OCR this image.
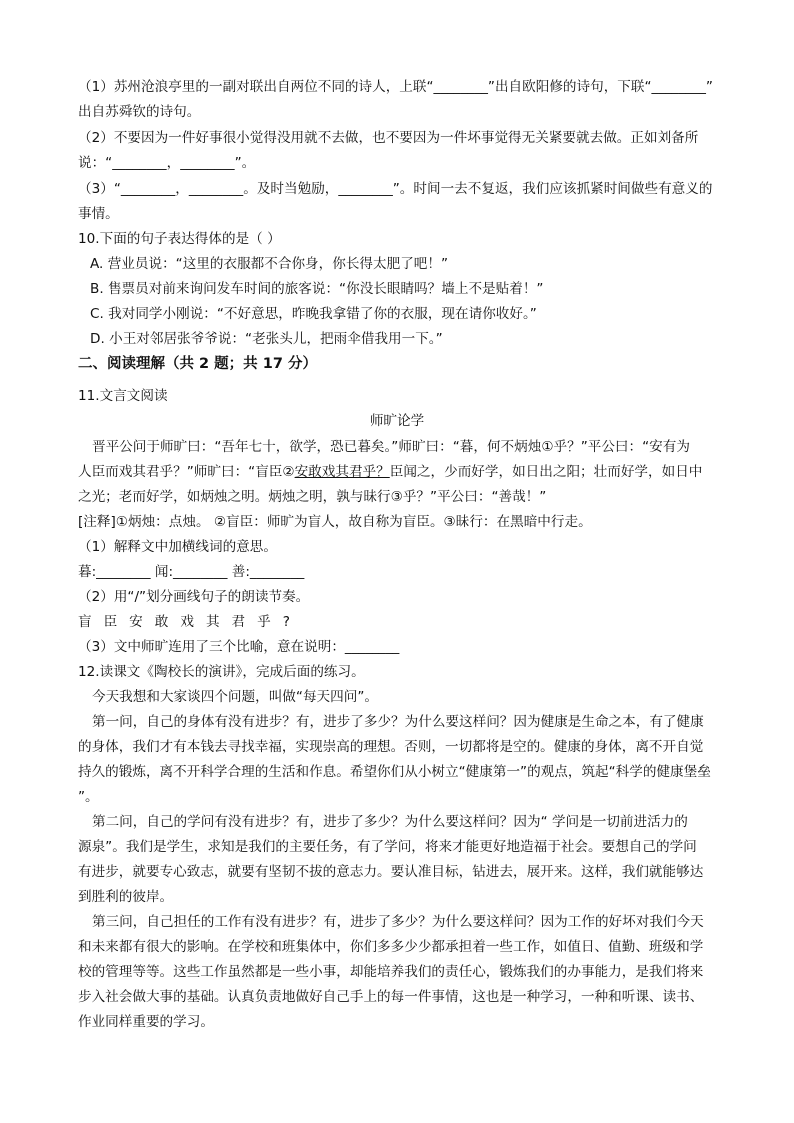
（1）苏州沧浪亭里的一副对联出自两位不同的诗人，上联“________”出自欧阳修的诗句，下联“________”
出自苏舜钦的诗句。
（2）不要因为一件好事很小觉得没用就不去做，也不要因为一件坏事觉得无关紧要就去做。正如刘备所
说：“________，________”。
（3）“________，________。及时当勉励，________”。时间一去不复返，我们应该抓紧时间做些有意义的
事情。
10.下面的句子表达得体的是（ ）
A. 营业员说：“这里的衣服都不合你身，你长得太肥了吧！”
B. 售票员对前来询问发车时间的旅客说：“你没长眼睛吗？墙上不是贴着！”
C. 我对同学小刚说：“不好意思，昨晚我拿错了你的衣服，现在请你收好。”
D. 小王对邻居张爷爷说：“老张头儿，把雨伞借我用一下。”
二、阅读理解（共 2 题；共 17 分）
11.文言文阅读
师旷论学
晋平公问于师旷曰：“吾年七十，欲学，恐已暮矣。”师旷曰：“暮，何不炳烛①乎？”平公曰：“安有为
人臣而戏其君乎？”师旷曰：“盲臣②安敢戏其君乎？臣闻之，少而好学，如日出之阳；壮而好学，如日中
之光；老而好学，如炳烛之明。炳烛之明，孰与昧行③乎？”平公曰：“善哉！”
[注释]①炳烛：点烛。 ②盲臣：师旷为盲人，故自称为盲臣。③昧行：在黑暗中行走。
（1）解释文中加横线词的意思。
暮:________ 闻:________ 善:________
（2）用“/”划分画线句子的朗读节奏。
盲臣安敢戏其君乎?
（3）文中师旷连用了三个比喻，意在说明：________
12.读课文《陶校长的演讲》，完成后面的练习。
今天我想和大家谈四个问题，叫做“每天四问”。
第一问，自己的身体有没有进步？有，进步了多少？为什么要这样问？因为健康是生命之本，有了健康
的身体，我们才有本钱去寻找幸福，实现崇高的理想。否则，一切都将是空的。健康的身体，离不开自觉
持久的锻炼，离不开科学合理的生活和作息。希望你们从小树立“健康第一”的观点，筑起“科学的健康堡垒
”。
第二问，自己的学问有没有进步？有，进步了多少？为什么要这样问？因为“ 学问是一切前进活力的
源泉”。我们是学生，求知是我们的主要任务，有了学问，将来才能更好地造福于社会。要想自己的学问
有进步，就要专心致志，就要有坚韧不拔的意志力。要认准目标，钻进去，展开来。这样，我们就能够达
到胜利的彼岸。
第三问，自己担任的工作有没有进步？有，进步了多少？为什么要这样问？因为工作的好坏对我们今天
和未来都有很大的影响。在学校和班集体中，你们多多少少都承担着一些工作，如值日、值勤、班级和学
校的管理等等。这些工作虽然都是一些小事，却能培养我们的责任心，锻炼我们的办事能力，是我们将来
步入社会做大事的基础。认真负责地做好自己手上的每一件事情，这也是一种学习，一种和听课、读书、
作业同样重要的学习。
